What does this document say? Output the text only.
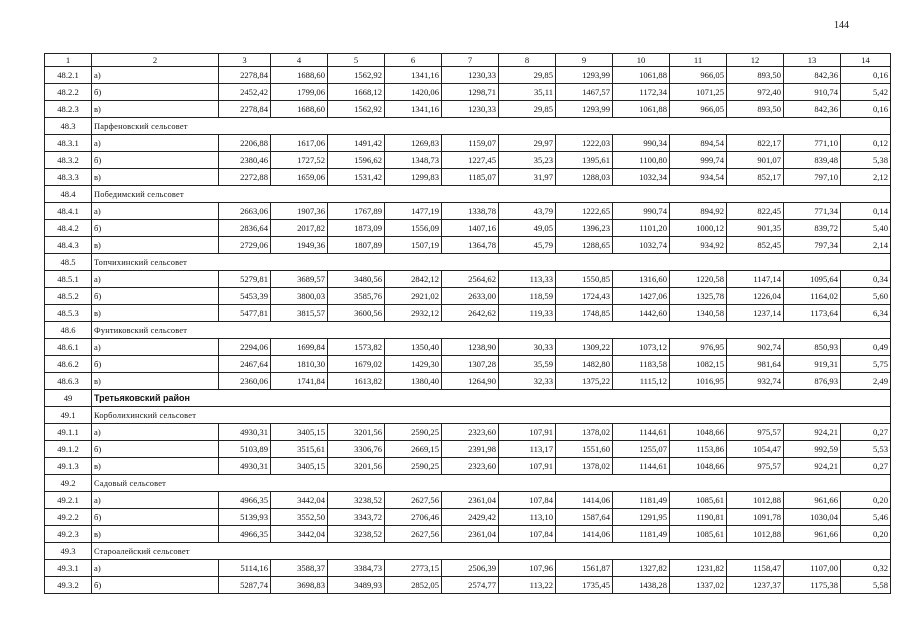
144
1	2	3	4	5	6	7	8	9	10	11	12	13	14
48.2.1	а)	2278,84	1688,60	1562,92	1341,16	1230,33	29,85	1293,99	1061,88	966,05	893,50	842,36	0,16
48.2.2	б)	2452,42	1799,06	1668,12	1420,06	1298,71	35,11	1467,57	1172,34	1071,25	972,40	910,74	5,42
48.2.3	в)	2278,84	1688,60	1562,92	1341,16	1230,33	29,85	1293,99	1061,88	966,05	893,50	842,36	0,16
48.3	Парфеновский сельсовет												
48.3.1	а)	2206,88	1617,06	1491,42	1269,83	1159,07	29,97	1222,03	990,34	894,54	822,17	771,10	0,12
48.3.2	б)	2380,46	1727,52	1596,62	1348,73	1227,45	35,23	1395,61	1100,80	999,74	901,07	839,48	5,38
48.3.3	в)	2272,88	1659,06	1531,42	1299,83	1185,07	31,97	1288,03	1032,34	934,54	852,17	797,10	2,12
48.4	Победимский сельсовет												
48.4.1	а)	2663,06	1907,36	1767,89	1477,19	1338,78	43,79	1222,65	990,74	894,92	822,45	771,34	0,14
48.4.2	б)	2836,64	2017,82	1873,09	1556,09	1407,16	49,05	1396,23	1101,20	1000,12	901,35	839,72	5,40
48.4.3	в)	2729,06	1949,36	1807,89	1507,19	1364,78	45,79	1288,65	1032,74	934,92	852,45	797,34	2,14
48.5	Топчихинский сельсовет												
48.5.1	а)	5279,81	3689,57	3480,56	2842,12	2564,62	113,33	1550,85	1316,60	1220,58	1147,14	1095,64	0,34
48.5.2	б)	5453,39	3800,03	3585,76	2921,02	2633,00	118,59	1724,43	1427,06	1325,78	1226,04	1164,02	5,60
48.5.3	в)	5477,81	3815,57	3600,56	2932,12	2642,62	119,33	1748,85	1442,60	1340,58	1237,14	1173,64	6,34
48.6	Фунтиковский сельсовет												
48.6.1	а)	2294,06	1699,84	1573,82	1350,40	1238,90	30,33	1309,22	1073,12	976,95	902,74	850,93	0,49
48.6.2	б)	2467,64	1810,30	1679,02	1429,30	1307,28	35,59	1482,80	1183,58	1082,15	981,64	919,31	5,75
48.6.3	в)	2360,06	1741,84	1613,82	1380,40	1264,90	32,33	1375,22	1115,12	1016,95	932,74	876,93	2,49
49	Третьяковский район												
49.1	Корболихинский сельсовет												
49.1.1	а)	4930,31	3405,15	3201,56	2590,25	2323,60	107,91	1378,02	1144,61	1048,66	975,57	924,21	0,27
49.1.2	б)	5103,89	3515,61	3306,76	2669,15	2391,98	113,17	1551,60	1255,07	1153,86	1054,47	992,59	5,53
49.1.3	в)	4930,31	3405,15	3201,56	2590,25	2323,60	107,91	1378,02	1144,61	1048,66	975,57	924,21	0,27
49.2	Садовый сельсовет												
49.2.1	а)	4966,35	3442,04	3238,52	2627,56	2361,04	107,84	1414,06	1181,49	1085,61	1012,88	961,66	0,20
49.2.2	б)	5139,93	3552,50	3343,72	2706,46	2429,42	113,10	1587,64	1291,95	1190,81	1091,78	1030,04	5,46
49.2.3	в)	4966,35	3442,04	3238,52	2627,56	2361,04	107,84	1414,06	1181,49	1085,61	1012,88	961,66	0,20
49.3	Староалейский сельсовет												
49.3.1	а)	5114,16	3588,37	3384,73	2773,15	2506,39	107,96	1561,87	1327,82	1231,82	1158,47	1107,00	0,32
49.3.2	б)	5287,74	3698,83	3489,93	2852,05	2574,77	113,22	1735,45	1438,28	1337,02	1237,37	1175,38	5,58
